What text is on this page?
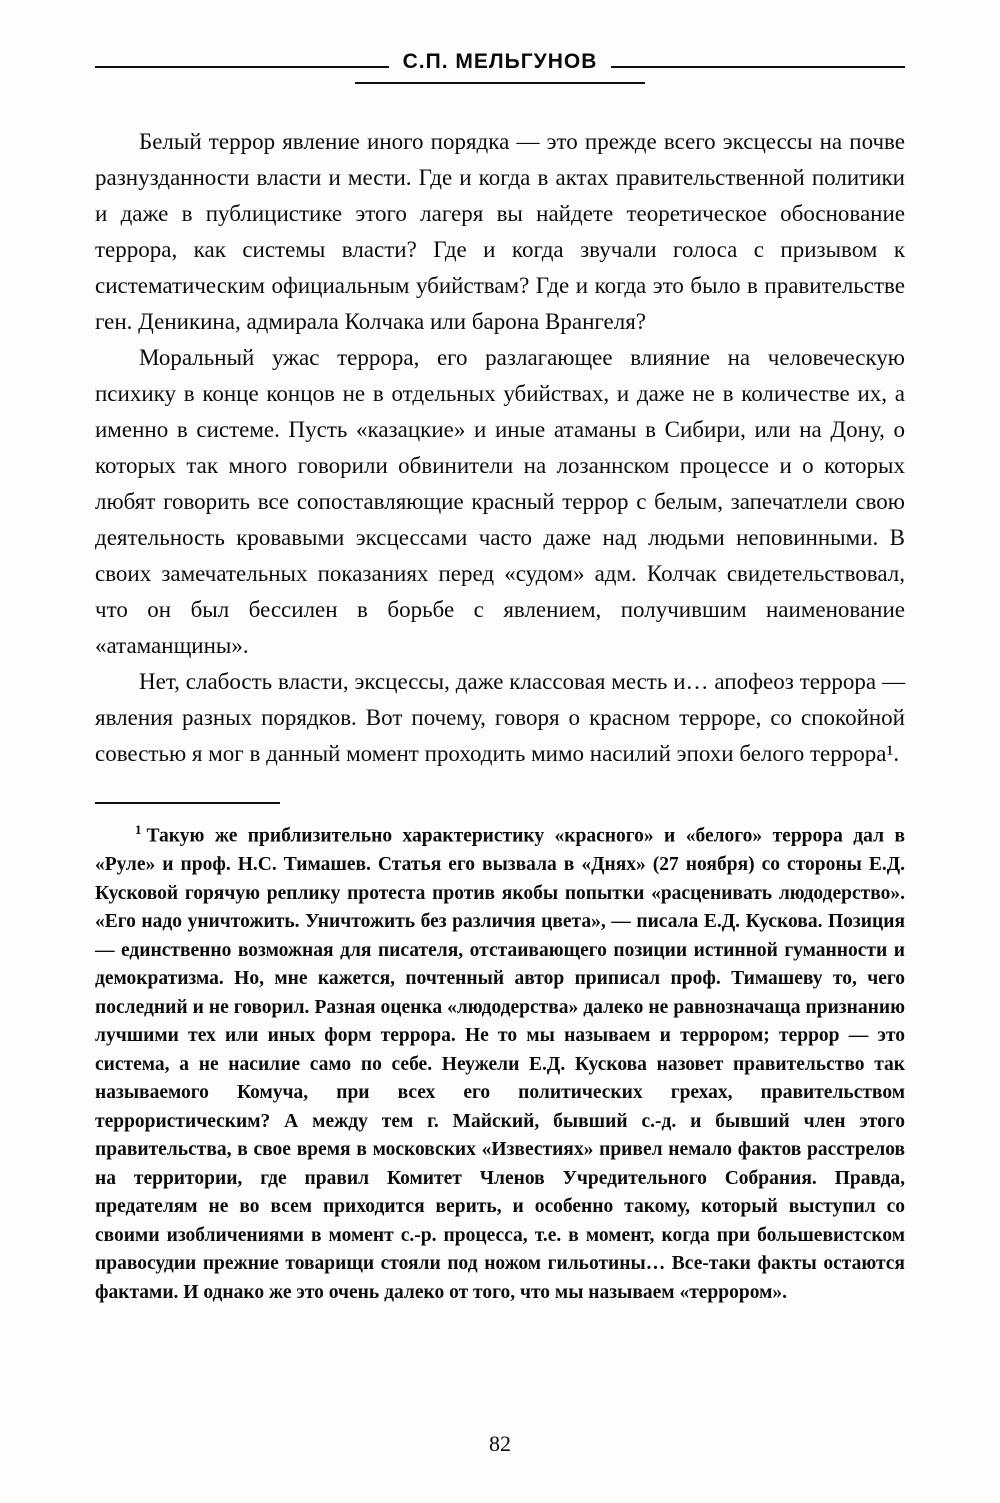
С.П. МЕЛЬГУНОВ

Белый террор явление иного порядка — это прежде всего эксцессы на почве разнузданности власти и мести. Где и когда в актах правительственной политики и даже в публицистике этого лагеря вы найдете теоретическое обоснование террора, как системы власти? Где и когда звучали голоса с призывом к систематическим официальным убийствам? Где и когда это было в правительстве ген. Деникина, адмирала Колчака или барона Врангеля?

Моральный ужас террора, его разлагающее влияние на человеческую психику в конце концов не в отдельных убийствах, и даже не в количестве их, а именно в системе. Пусть «казацкие» и иные атаманы в Сибири, или на Дону, о которых так много говорили обвинители на лозаннском процессе и о которых любят говорить все сопоставляющие красный террор с белым, запечатлели свою деятельность кровавыми эксцессами часто даже над людьми неповинными. В своих замечательных показаниях перед «судом» адм. Колчак свидетельствовал, что он был бессилен в борьбе с явлением, получившим наименование «атаманщины».

Нет, слабость власти, эксцессы, даже классовая месть и… апофеоз террора — явления разных порядков. Вот почему, говоря о красном терроре, со спокойной совестью я мог в данный момент проходить мимо насилий эпохи белого террора¹.

$^1$ Такую же приблизительно характеристику «красного» и «белого» террора дал в «Руле» и проф. Н.С. Тимашев. Статья его вызвала в «Днях» (27 ноября) со стороны Е.Д. Кусковой горячую реплику протеста против якобы попытки «расценивать людодерство». «Его надо уничтожить. Уничтожить без различия цвета», — писала Е.Д. Кускова. Позиция — единственно возможная для писателя, отстаивающего позиции истинной гуманности и демократизма. Но, мне кажется, почтенный автор приписал проф. Тимашеву то, чего последний и не говорил. Разная оценка «людодерства» далеко не равнозначаща признанию лучшими тех или иных форм террора. Не то мы называем и террором; террор — это система, а не насилие само по себе. Неужели Е.Д. Кускова назовет правительство так называемого Комуча, при всех его политических грехах, правительством террористическим? А между тем г. Майский, бывший с.-д. и бывший член этого правительства, в свое время в московских «Известиях» привел немало фактов расстрелов на территории, где правил Комитет Членов Учредительного Собрания. Правда, предателям не во всем приходится верить, и особенно такому, который выступил со своими изобличениями в момент с.-р. процесса, т.е. в момент, когда при большевистском правосудии прежние товарищи стояли под ножом гильотины… Все-таки факты остаются фактами. И однако же это очень далеко от того, что мы называем «террором».

82
